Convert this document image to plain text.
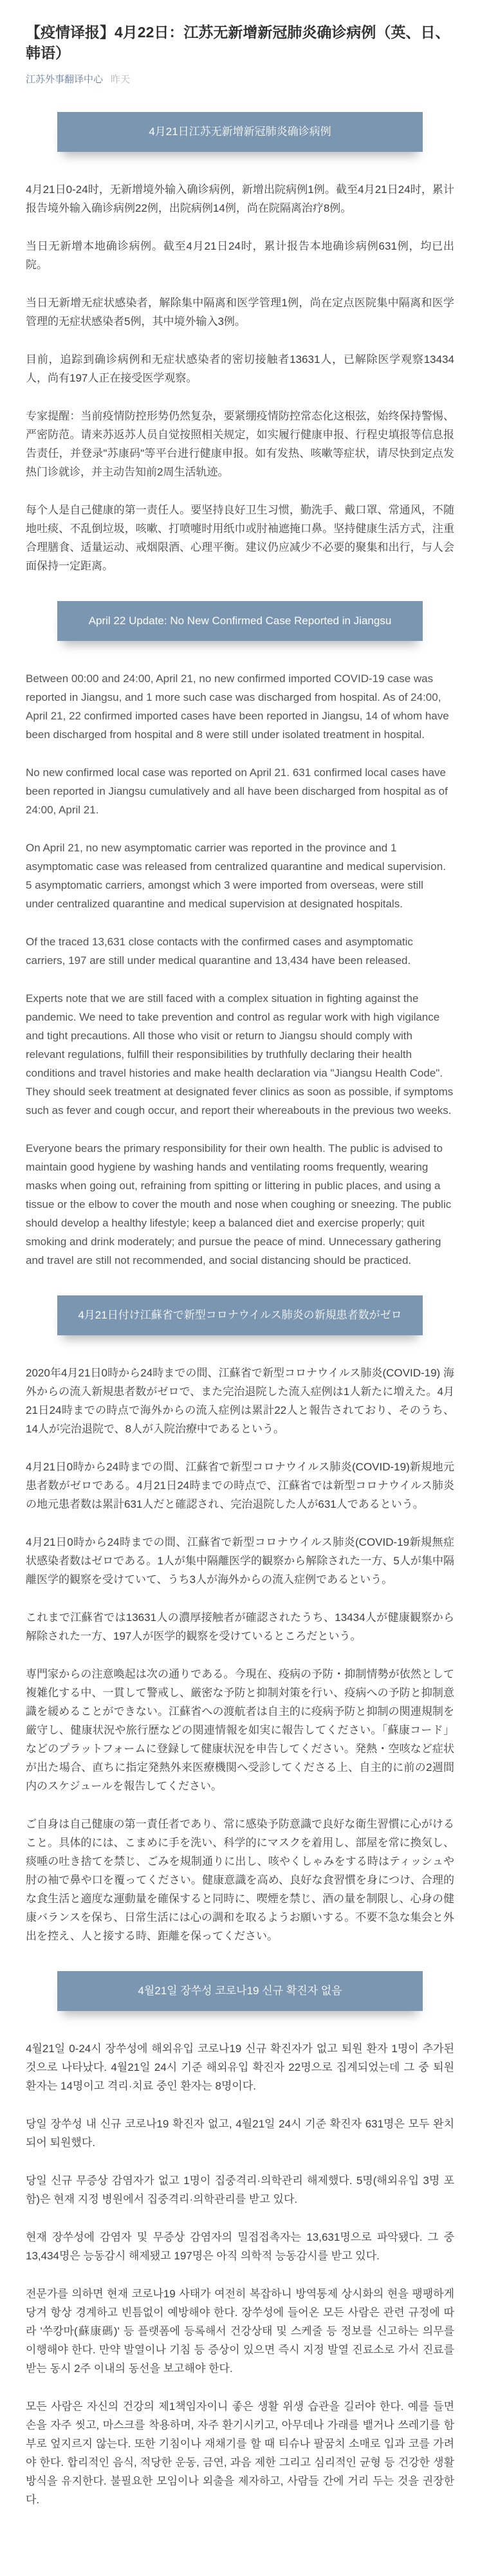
【疫情译报】4月22日：江苏无新增新冠肺炎确诊病例（英、日、韩语）
江苏外事翻译中心 昨天
4月21日江苏无新增新冠肺炎确诊病例

4月21日0-24时，无新增境外输入确诊病例，新增出院病例1例。截至4月21日24时，累计报告境外输入确诊病例22例，出院病例14例，尚在院隔离治疗8例。

当日无新增本地确诊病例。截至4月21日24时，累计报告本地确诊病例631例，均已出院。

当日无新增无症状感染者，解除集中隔离和医学管理1例，尚在定点医院集中隔离和医学管理的无症状感染者5例，其中境外输入3例。

目前，追踪到确诊病例和无症状感染者的密切接触者13631人，已解除医学观察13434人，尚有197人正在接受医学观察。

专家提醒：当前疫情防控形势仍然复杂，要紧绷疫情防控常态化这根弦，始终保持警惕、严密防范。请来苏返苏人员自觉按照相关规定，如实履行健康申报、行程史填报等信息报告责任，并登录"苏康码"等平台进行健康申报。如有发热、咳嗽等症状，请尽快到定点发热门诊就诊，并主动告知前2周生活轨迹。

每个人是自己健康的第一责任人。要坚持良好卫生习惯，勤洗手、戴口罩、常通风，不随地吐痰、不乱倒垃圾，咳嗽、打喷嚏时用纸巾或肘袖遮掩口鼻。坚持健康生活方式，注重合理膳食、适量运动、戒烟限酒、心理平衡。建议仍应减少不必要的聚集和出行，与人会面保持一定距离。

April 22 Update: No New Confirmed Case Reported in Jiangsu

Between 00:00 and 24:00, April 21, no new confirmed imported COVID-19 case was reported in Jiangsu, and 1 more such case was discharged from hospital. As of 24:00, April 21, 22 confirmed imported cases have been reported in Jiangsu, 14 of whom have been discharged from hospital and 8 were still under isolated treatment in hospital.

No new confirmed local case was reported on April 21. 631 confirmed local cases have been reported in Jiangsu cumulatively and all have been discharged from hospital as of 24:00, April 21.

On April 21, no new asymptomatic carrier was reported in the province and 1 asymptomatic case was released from centralized quarantine and medical supervision. 5 asymptomatic carriers, amongst which 3 were imported from overseas, were still under centralized quarantine and medical supervision at designated hospitals.

Of the traced 13,631 close contacts with the confirmed cases and asymptomatic carriers, 197 are still under medical quarantine and 13,434 have been released.

Experts note that we are still faced with a complex situation in fighting against the pandemic. We need to take prevention and control as regular work with high vigilance and tight precautions. All those who visit or return to Jiangsu should comply with relevant regulations, fulfill their responsibilities by truthfully declaring their health conditions and travel histories and make health declaration via "Jiangsu Health Code". They should seek treatment at designated fever clinics as soon as possible, if symptoms such as fever and cough occur, and report their whereabouts in the previous two weeks.

Everyone bears the primary responsibility for their own health. The public is advised to maintain good hygiene by washing hands and ventilating rooms frequently, wearing masks when going out, refraining from spitting or littering in public places, and using a tissue or the elbow to cover the mouth and nose when coughing or sneezing. The public should develop a healthy lifestyle; keep a balanced diet and exercise properly; quit smoking and drink moderately; and pursue the peace of mind. Unnecessary gathering and travel are still not recommended, and social distancing should be practiced.

4月21日付け江蘇省で新型コロナウイルス肺炎の新規患者数がゼロ

2020年4月21日0時から24時までの間、江蘇省で新型コロナウイルス肺炎(COVID-19) 海外からの流入新規患者数がゼロで、また完治退院した流入症例は1人新たに増えた。4月21日24時までの時点で海外からの流入症例は累計22人と報告されており、そのうち、14人が完治退院で、8人が入院治療中であるという。

4月21日0時から24時までの間、江蘇省で新型コロナウイルス肺炎(COVID-19)新規地元患者数がゼロである。4月21日24時までの時点で、江蘇省では新型コロナウイルス肺炎の地元患者数は累計631人だと確認され、完治退院した人が631人であるという。

4月21日0時から24時までの間、江蘇省で新型コロナウイルス肺炎(COVID-19新規無症状感染者数はゼロである。1人が集中隔離医学的観察から解除された一方、5人が集中隔離医学的観察を受けていて、うち3人が海外からの流入症例であるという。

これまで江蘇省では13631人の濃厚接触者が確認されたうち、13434人が健康観察から解除された一方、197人が医学的観察を受けているところだという。

専門家からの注意喚起は次の通りである。今現在、疫病の予防・抑制情勢が依然として複雑化する中、一貫して警戒し、厳密な予防と抑制対策を行い、疫病への予防と抑制意識を緩めることができない。江蘇省への渡航者は自主的に疫病予防と抑制の関連規制を厳守し、健康状況や旅行歴などの関連情報を如実に報告してください。「蘇康コード」などのプラットフォームに登録して健康状況を申告してください。発熱・空咳など症状が出た場合、直ちに指定発熱外来医療機関へ受診してくださる上、自主的に前の2週間内のスケジュールを報告してください。

ご自身は自己健康の第一責任者であり、常に感染予防意識で良好な衛生習慣に心がけること。具体的には、こまめに手を洗い、科学的にマスクを着用し、部屋を常に換気し、痰唾の吐き捨てを禁じ、ごみを規制通りに出し、咳やくしゃみをする時はティッシュや肘の袖で鼻や口を覆ってください。健康意識を高め、良好な食習慣を身につけ、合理的な食生活と適度な運動量を確保すると同時に、喫煙を禁じ、酒の量を制限し、心身の健康バランスを保ち、日常生活には心の調和を取るようお願いする。不要不急な集会と外出を控え、人と接する時、距離を保ってください。

4월21일 장쑤성 코로나19 신규 확진자 없음

4월21일 0-24시 장쑤성에 해외유입 코로나19 신규 확진자가 없고 퇴원 환자 1명이 추가된 것으로 나타났다. 4월21일 24시 기준 해외유입 확진자 22명으로 집계되었는데 그 중 퇴원 환자는 14명이고 격리·치료 중인 환자는 8명이다.

당일 장쑤성 내 신규 코로나19 확진자 없고, 4월21일 24시 기준 확진자 631명은 모두 완치되어 퇴원했다.

당일 신규 무증상 감염자가 없고 1명이 집중격리·의학관리 해제했다. 5명(해외유입 3명 포함)은 현재 지정 병원에서 집중격리·의학관리를 받고 있다.

현재 장쑤성에 감염자 및 무증상 감염자의 밀접접촉자는 13,631명으로 파악됐다. 그 중 13,434명은 능동감시 해제됐고 197명은 아직 의학적 능동감시를 받고 있다.

전문가를 의하면 현재 코로나19 사태가 여전히 복잡하니 방역통제 상시화의 현을 팽팽하게 당겨 항상 경계하고 빈틈없이 예방해야 한다. 장쑤성에 들어온 모든 사람은 관련 규정에 따라 '쑤캉마(蘇康碼)' 등 플랫폼에 등록해서 건강상태 및 스케줄 등 정보를 신고하는 의무를 이행해야 한다. 만약 발열이나 기침 등 증상이 있으면 즉시 지정 발열 진료소로 가서 진료를 받는 동시 2주 이내의 동선을 보고해야 한다.

모든 사람은 자신의 건강의 제1책임자이니 좋은 생활 위생 습관을 길러야 한다. 예를 들면 손을 자주 씻고, 마스크를 착용하며, 자주 환기시키고, 아무데나 가래를 뱉거나 쓰레기를 함부로 엎지르지 않는다. 또한 기침이나 재채기를 할 때 티슈나 팔꿈치 소매로 입과 코를 가려야 한다. 합리적인 음식, 적당한 운동, 금연, 과음 제한 그리고 심리적인 균형 등 건강한 생활방식을 유지한다. 불필요한 모임이나 외출을 제자하고, 사람들 간에 거리 두는 것을 권장한다.
